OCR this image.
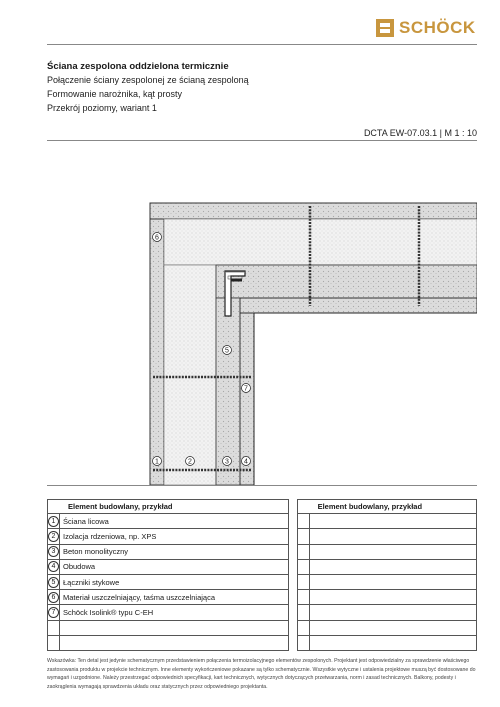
SCHÖCK
Ściana zespolona oddzielona termicznie
Połączenie ściany zespolonej ze ścianą zespoloną
Formowanie narożnika, kąt prosty
Przekrój poziomy, wariant 1
DCTA EW-07.03.1 | M 1 : 10
6
5
7
1	2	3 4
Element budowlany, przykład			Element budowlany, przykład	
1	Ściana licowa			
2	Izolacja rdzeniowa, np. XPS			
3	Beton monolityczny			
4	Obudowa			
5	Łączniki stykowe			
6	Materiał uszczelniający, taśma uszczelniająca			
7	Schöck Isolink® typu C-EH			

Wskazówka: Ten detal jest jedynie schematycznym przedstawieniem połączenia termoizolacyjnego elementów zespolonych. Projektant jest odpowiedzialny za sprawdzenie właściwego zastosowania produktu w projekcie technicznym. Inne elementy wykończeniowe pokazane są tylko schematycznie. Wszystkie wytyczne i ustalenia projektowe muszą być dostosowane do wymagań i uzgodnione. Należy przestrzegać odpowiednich specyfikacji, kart technicznych, wytycznych dotyczących przetwarzania, norm i zasad technicznych. Balkony, podesty i zaokrąglenia wymagają sprawdzenia układu oraz statycznych przez odpowiedniego projektanta.
